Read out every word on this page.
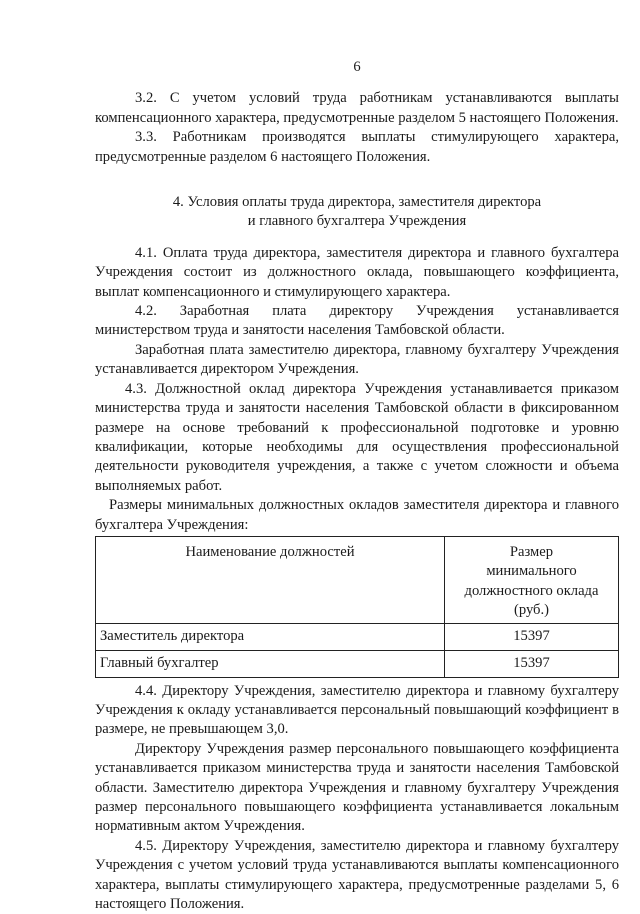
6

3.2. С учетом условий труда работникам устанавливаются выплаты компенсационного характера, предусмотренные разделом 5 настоящего Положения.

3.3. Работникам производятся выплаты стимулирующего характера, предусмотренные разделом 6 настоящего Положения.

4. Условия оплаты труда директора, заместителя директора
и главного бухгалтера Учреждения

4.1. Оплата труда директора, заместителя директора и главного бухгалтера Учреждения состоит из должностного оклада, повышающего коэффициента, выплат компенсационного и стимулирующего характера.

4.2. Заработная плата директору Учреждения устанавливается министерством труда и занятости населения Тамбовской области.

Заработная плата заместителю директора, главному бухгалтеру Учреждения устанавливается директором Учреждения.

4.3. Должностной оклад директора Учреждения устанавливается приказом министерства труда и занятости населения Тамбовской области в фиксированном размере на основе требований к профессиональной подготовке и уровню квалификации, которые необходимы для осуществления профессиональной деятельности руководителя учреждения, а также с учетом сложности и объема выполняемых работ.

Размеры минимальных должностных окладов заместителя директора и главного бухгалтера Учреждения:

Наименование должностей	Размер
минимального
должностного оклада
(руб.)

Заместитель директора	15397
Главный бухгалтер	15397

4.4. Директору Учреждения, заместителю директора и главному бухгалтеру Учреждения к окладу устанавливается персональный повышающий коэффициент в размере, не превышающем 3,0.

Директору Учреждения размер персонального повышающего коэффициента устанавливается приказом министерства труда и занятости населения Тамбовской области. Заместителю директора Учреждения и главному бухгалтеру Учреждения размер персонального повышающего коэффициента устанавливается локальным нормативным актом Учреждения.

4.5. Директору Учреждения, заместителю директора и главному бухгалтеру Учреждения с учетом условий труда устанавливаются выплаты компенсационного характера, выплаты стимулирующего характера, предусмотренные разделами 5, 6 настоящего Положения.
